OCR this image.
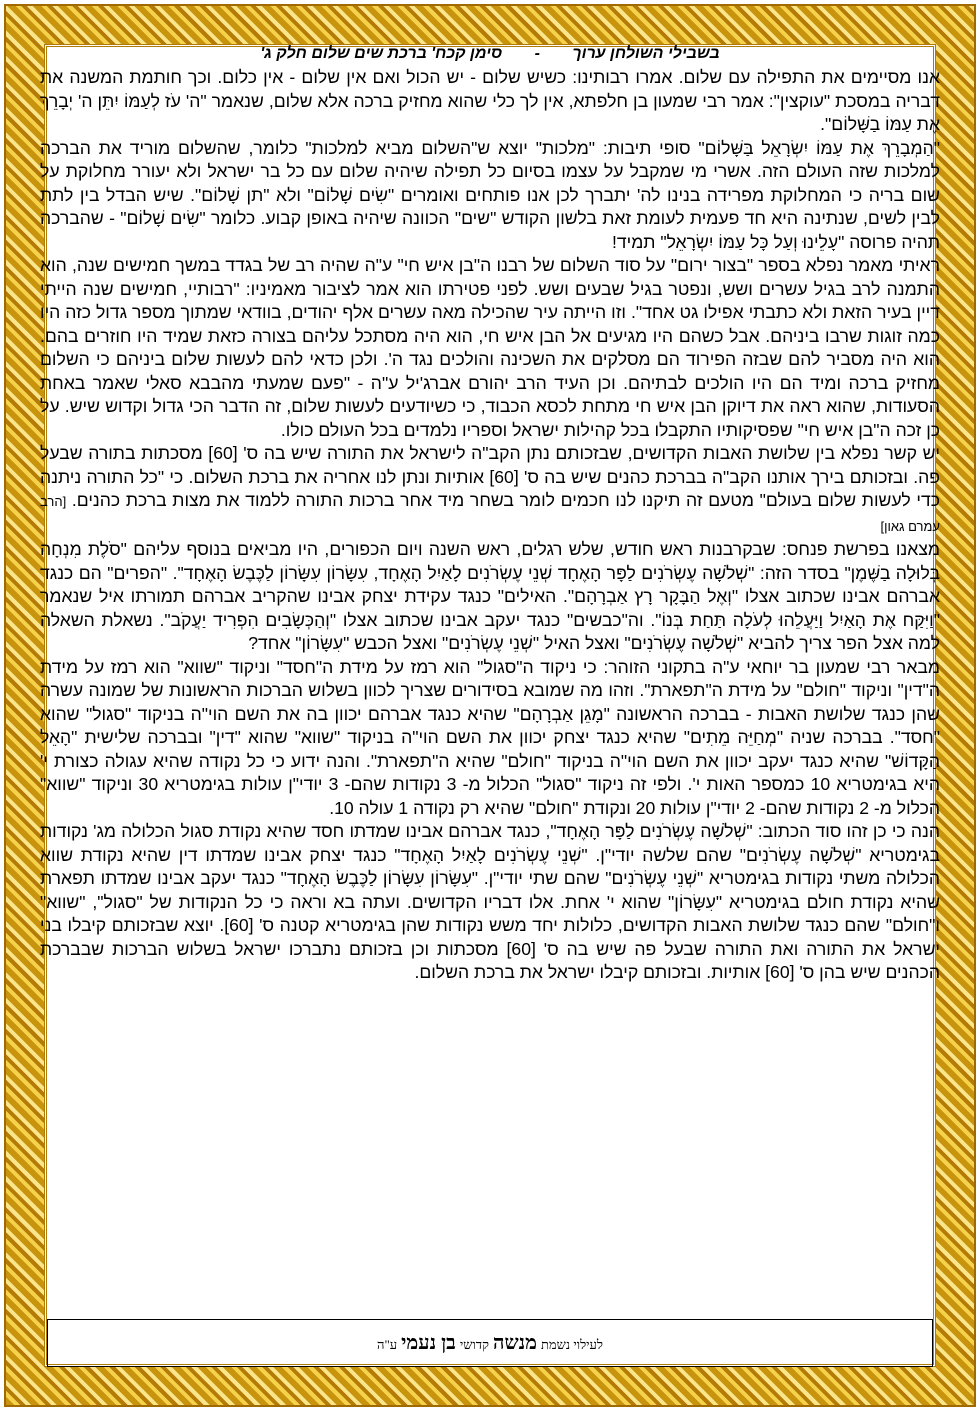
בשבילי השולחן ערוך - סימן קכח' ברכת שים שלום חלק ג'

אנו מסיימים את התפילה עם שלום. אמרו רבותינו: כשיש שלום - יש הכול ואם אין שלום - אין כלום. וכך חותמת המשנה את דבריה במסכת "עוקצין": אמר רבי שמעון בן חלפתא, אין לך כלי שהוא מחזיק ברכה אלא שלום, שנאמר "ה' עֹז לְעַמּוֹ יִתֵּן ה' יְבָרֵךְ אֶת עַמּוֹ בַשָּׁלוֹם".

"הַמְבָרֵךְ אֶת עַמּוֹ יִשְׂרָאֵל בַּשָּׁלוֹם" סופי תיבות: "מלכות" יוצא ש"השלום מביא למלכות" כלומר, שהשלום מוריד את הברכה למלכות שזה העולם הזה. אשרי מי שמקבל על עצמו בסיום כל תפילה שיהיה שלום עם כל בר ישראל ולא יעורר מחלוקת על שום בריה כי המחלוקת מפרידה בנינו לה' יתברך לכן אנו פותחים ואומרים "שִׂים שָׁלוֹם" ולא "תן שָׁלוֹם". שיש הבדל בין לתת לבין לשים, שנתינה היא חד פעמית לעומת זאת בלשון הקודש "שים" הכוונה שיהיה באופן קבוע. כלומר "שִׂים שָׁלוֹם" - שהברכה תהיה פרוסה "עָלֵינוּ וְעַל כָּל עַמּוֹ יִשְׂרָאֵל" תמיד!

ראיתי מאמר נפלא בספר "בצור ירום" על סוד השלום של רבנו ה"בן איש חי" ע"ה שהיה רב של בגדד במשך חמישים שנה, הוא התמנה לרב בגיל עשרים ושש, ונפטר בגיל שבעים ושש. לפני פטירתו הוא אמר לציבור מאמיניו: "רבותיי, חמישים שנה הייתי דיין בעיר הזאת ולא כתבתי אפילו גט אחד". וזו הייתה עיר שהכילה מאה עשרים אלף יהודים, בוודאי שמתוך מספר גדול כזה היו כמה זוגות שרבו ביניהם. אבל כשהם היו מגיעים אל הבן איש חי, הוא היה מסתכל עליהם בצורה כזאת שמיד היו חוזרים בהם. הוא היה מסביר להם שבזה הפירוד הם מסלקים את השכינה והולכים נגד ה'. ולכן כדאי להם לעשות שלום ביניהם כי השלום מחזיק ברכה ומיד הם היו הולכים לבתיהם. וכן העיד הרב יהורם אברג'יל ע"ה - "פעם שמעתי מהבבא סאלי שאמר באחת הסעודות, שהוא ראה את דיוקן הבן איש חי מתחת לכסא הכבוד, כי כשיודעים לעשות שלום, זה הדבר הכי גדול וקדוש שיש. על כן זכה ה"בן איש חי" שפסיקותיו התקבלו בכל קהילות ישראל וספריו נלמדים בכל העולם כולו.

יש קשר נפלא בין שלושת האבות הקדושים, שבזכותם נתן הקב"ה לישראל את התורה שיש בה ס' [60] מסכתות בתורה שבעל פה. ובזכותם בירך אותנו הקב"ה בברכת כהנים שיש בה ס' [60] אותיות ונתן לנו אחריה את ברכת השלום. כי "כל התורה ניתנה כדי לעשות שלום בעולם" מטעם זה תיקנו לנו חכמים לומר בשחר מיד אחר ברכות התורה ללמוד את מצות ברכת כהנים. [הרב עמרם גאון]

מצאנו בפרשת פנחס: שבקרבנות ראש חודש, שלש רגלים, ראש השנה ויום הכפורים, היו מביאים בנוסף עליהם "סֹלֶת מִנְחָה בְּלוּלָה בַשֶּׁמֶן" בסדר הזה: "שְׁלֹשָׁה עֶשְׂרֹנִים לַפָּר הָאֶחָד שְׁנֵי עֶשְׂרֹנִים לָאַיִל הָאֶחָד, עִשָּׂרוֹן עִשָּׂרוֹן לַכֶּבֶשׂ הָאֶחָד". "הפרים" הם כנגד אברהם אבינו שכתוב אצלו "וְאֶל הַבָּקָר רָץ אַבְרָהָם". האילים" כנגד עקידת יצחק אבינו שהקריב אברהם תמורתו איל שנאמר "וַיִּקַּח אֶת הָאַיִל וַיַּעֲלֵהוּ לְעֹלָה תַּחַת בְּנוֹ". וה"כבשים" כנגד יעקב אבינו שכתוב אצלו "וְהַכְּשָׂבִים הִפְרִיד יַעֲקֹב". נשאלת השאלה למה אצל הפר צריך להביא "שְׁלֹשָׁה עֶשְׂרֹנִים" ואצל האיל "שְׁנֵי עֶשְׂרֹנִים" ואצל הכבש "עִשָּׂרוֹן" אחד?

מבאר רבי שמעון בר יוחאי ע"ה בתקוני הזוהר: כי ניקוד ה"סגול" הוא רמז על מידת ה"חסד" וניקוד "שווא" הוא רמז על מידת ה"דין" וניקוד "חולם" על מידת ה"תפארת". וזהו מה שמובא בסידורים שצריך לכוון בשלוש הברכות הראשונות של שמונה עשרה שהן כנגד שלושת האבות - בברכה הראשונה "מָגֵן אַבְרָהָם" שהיא כנגד אברהם יכוון בה את השם הוי"ה בניקוד "סגול" שהוא "חסד". בברכה שניה "מְחַיֵּה מֵתִים" שהיא כנגד יצחק יכוון את השם הוי"ה בניקוד "שווא" שהוא "דין" ובברכה שלישית "הָאֵל הַקָּדוֹשׁ" שהיא כנגד יעקב יכוון את השם הוי"ה בניקוד "חולם" שהיא ה"תפארת". והנה ידוע כי כל נקודה שהיא עגולה כצורת י' היא בגימטריא 10 כמספר האות י'. ולפי זה ניקוד "סגול" הכלול מ- 3 נקודות שהם- 3 יודי"ן עולות בגימטריא 30 וניקוד "שווא" הכלול מ- 2 נקודות שהם- 2 יודי"ן עולות 20 ונקודת "חולם" שהיא רק נקודה 1 עולה 10.

הנה כי כן זהו סוד הכתוב: "שְׁלֹשָׁה עֶשְׂרֹנִים לַפָּר הָאֶחָד", כנגד אברהם אבינו שמדתו חסד שהיא נקודת סגול הכלולה מג' נקודות בגימטריא "שְׁלֹשָׁה עֶשְׂרֹנִים" שהם שלשה יודי"ן. "שְׁנֵי עֶשְׂרֹנִים לָאַיִל הָאֶחָד" כנגד יצחק אבינו שמדתו דין שהיא נקודת שווא הכלולה משתי נקודות בגימטריא "שְׁנֵי עֶשְׂרֹנִים" שהם שתי יודי"ן. "עִשָּׂרוֹן עִשָּׂרוֹן לַכֶּבֶשׂ הָאֶחָד" כנגד יעקב אבינו שמדתו תפארת שהיא נקודת חולם בגימטריא "עִשָּׂרוֹן" שהוא י' אחת. אלו דבריו הקדושים. ועתה בא וראה כי כל הנקודות של "סגול", "שווא" ו"חולם" שהם כנגד שלושת האבות הקדושים, כלולות יחד משש נקודות שהן בגימטריא קטנה ס' [60]. יוצא שבזכותם קיבלו בני ישראל את התורה ואת התורה שבעל פה שיש בה ס' [60] מסכתות וכן בזכותם נתברכו ישראל בשלוש הברכות שבברכת הכהנים שיש בהן ס' [60] אותיות. ובזכותם קיבלו ישראל את ברכת השלום.

לעילוי נשמת מנשה קדושי בן נעמי ע"ה
